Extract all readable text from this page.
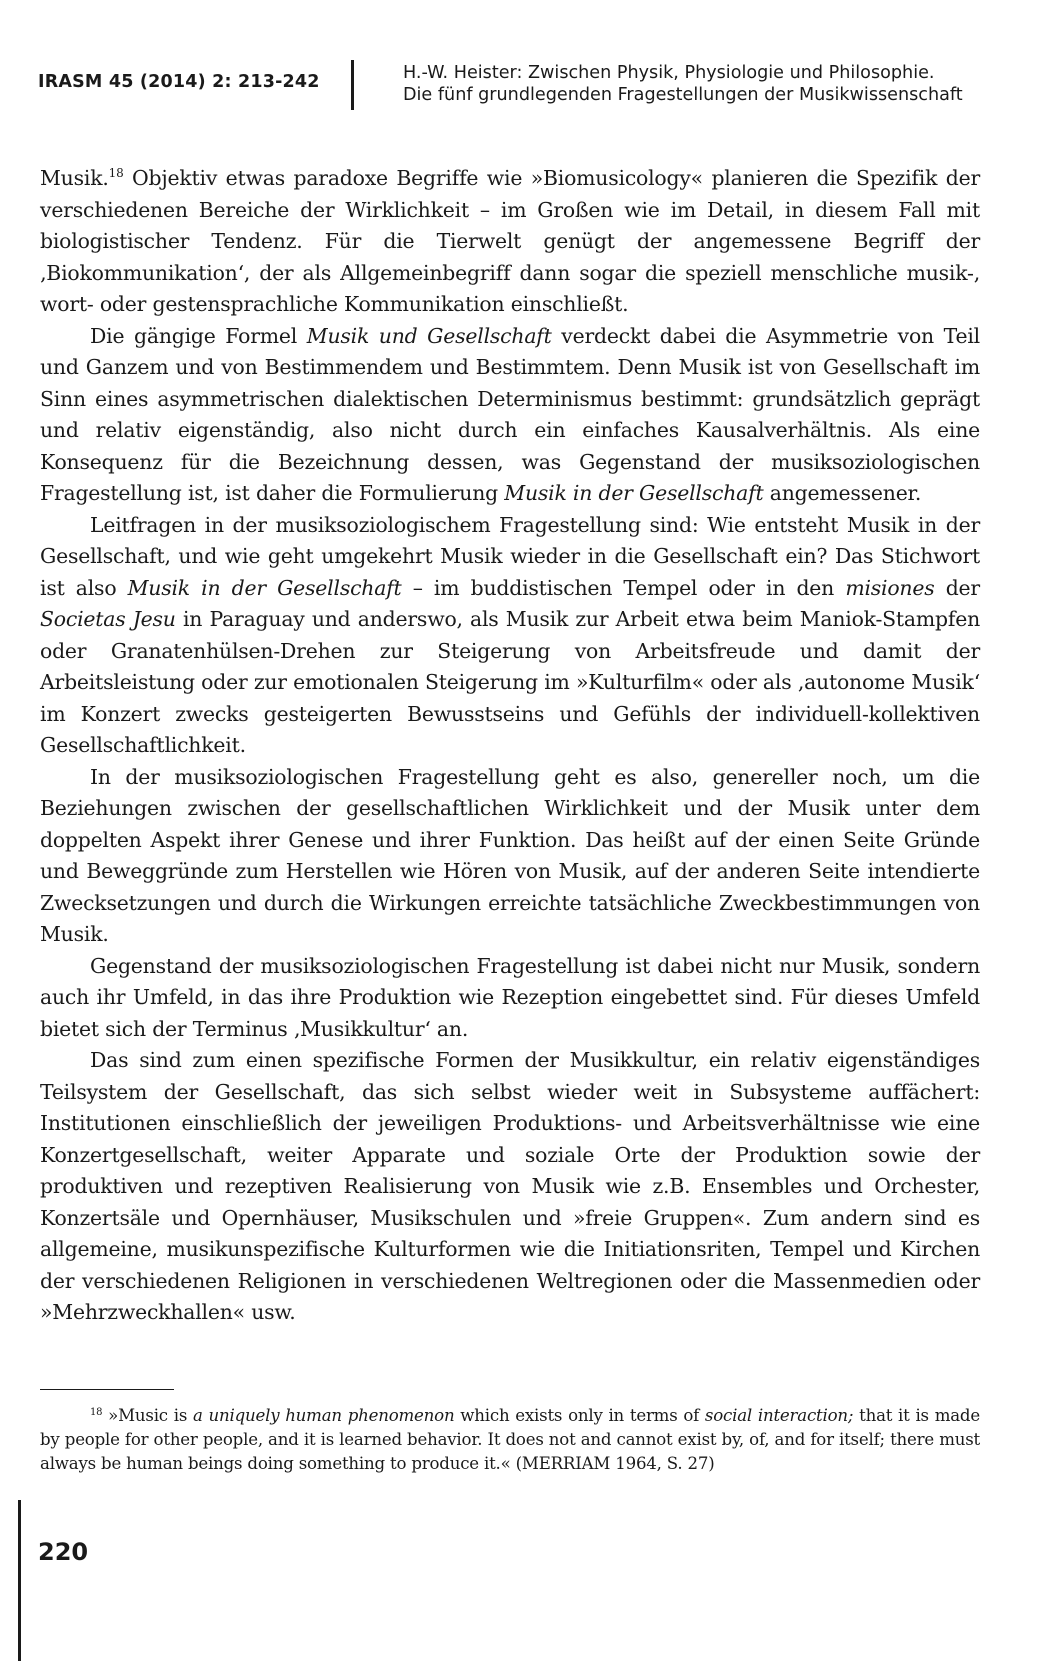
IRASM 45 (2014) 2: 213-242	H.-W. Heister: Zwischen Physik, Physiologie und Philosophie.
Die fünf grundlegenden Fragestellungen der Musikwissenschaft

Musik.$^{18}$ Objektiv etwas paradoxe Begriffe wie »Biomusicology« planieren die Spezifik der verschiedenen Bereiche der Wirklichkeit – im Großen wie im Detail, in diesem Fall mit biologistischer Tendenz. Für die Tierwelt genügt der angemessene Begriff der ‚Biokommunikation‘, der als Allgemeinbegriff dann sogar die speziell menschliche musik-, wort- oder gestensprachliche Kommunikation einschließt.

Die gängige Formel Musik und Gesellschaft verdeckt dabei die Asymmetrie von Teil und Ganzem und von Bestimmendem und Bestimmtem. Denn Musik ist von Gesellschaft im Sinn eines asymmetrischen dialektischen Determinismus bestimmt: grundsätzlich geprägt und relativ eigenständig, also nicht durch ein einfaches Kausalverhältnis. Als eine Konsequenz für die Bezeichnung dessen, was Gegenstand der musiksoziologischen Fragestellung ist, ist daher die Formulierung Musik in der Gesellschaft angemessener.

Leitfragen in der musiksoziologischem Fragestellung sind: Wie entsteht Musik in der Gesellschaft, und wie geht umgekehrt Musik wieder in die Gesellschaft ein? Das Stichwort ist also Musik in der Gesellschaft – im buddistischen Tempel oder in den misiones der Societas Jesu in Paraguay und anderswo, als Musik zur Arbeit etwa beim Maniok-Stampfen oder Granatenhülsen-Drehen zur Steigerung von Arbeitsfreude und damit der Arbeitsleistung oder zur emotionalen Steigerung im »Kulturfilm« oder als ‚autonome Musik‘ im Konzert zwecks gesteigerten Bewusstseins und Gefühls der individuell-kollektiven Gesellschaftlichkeit.

In der musiksoziologischen Fragestellung geht es also, genereller noch, um die Beziehungen zwischen der gesellschaftlichen Wirklichkeit und der Musik unter dem doppelten Aspekt ihrer Genese und ihrer Funktion. Das heißt auf der einen Seite Gründe und Beweggründe zum Herstellen wie Hören von Musik, auf der anderen Seite intendierte Zwecksetzungen und durch die Wirkungen erreichte tatsächliche Zweckbestimmungen von Musik.

Gegenstand der musiksoziologischen Fragestellung ist dabei nicht nur Musik, sondern auch ihr Umfeld, in das ihre Produktion wie Rezeption eingebettet sind. Für dieses Umfeld bietet sich der Terminus ‚Musikkultur‘ an.

Das sind zum einen spezifische Formen der Musikkultur, ein relativ eigenständiges Teilsystem der Gesellschaft, das sich selbst wieder weit in Subsysteme auffächert: Institutionen einschließlich der jeweiligen Produktions- und Arbeitsverhältnisse wie eine Konzertgesellschaft, weiter Apparate und soziale Orte der Produktion sowie der produktiven und rezeptiven Realisierung von Musik wie z.B. Ensembles und Orchester, Konzertsäle und Opernhäuser, Musikschulen und »freie Gruppen«. Zum andern sind es allgemeine, musikunspezifische Kulturformen wie die Initiationsriten, Tempel und Kirchen der verschiedenen Religionen in verschiedenen Weltregionen oder die Massenmedien oder »Mehrzweckhallen« usw.

$^{18}$ »Music is a uniquely human phenomenon which exists only in terms of social interaction; that it is made by people for other people, and it is learned behavior. It does not and cannot exist by, of, and for itself; there must always be human beings doing something to produce it.« (MERRIAM 1964, S. 27)
220
